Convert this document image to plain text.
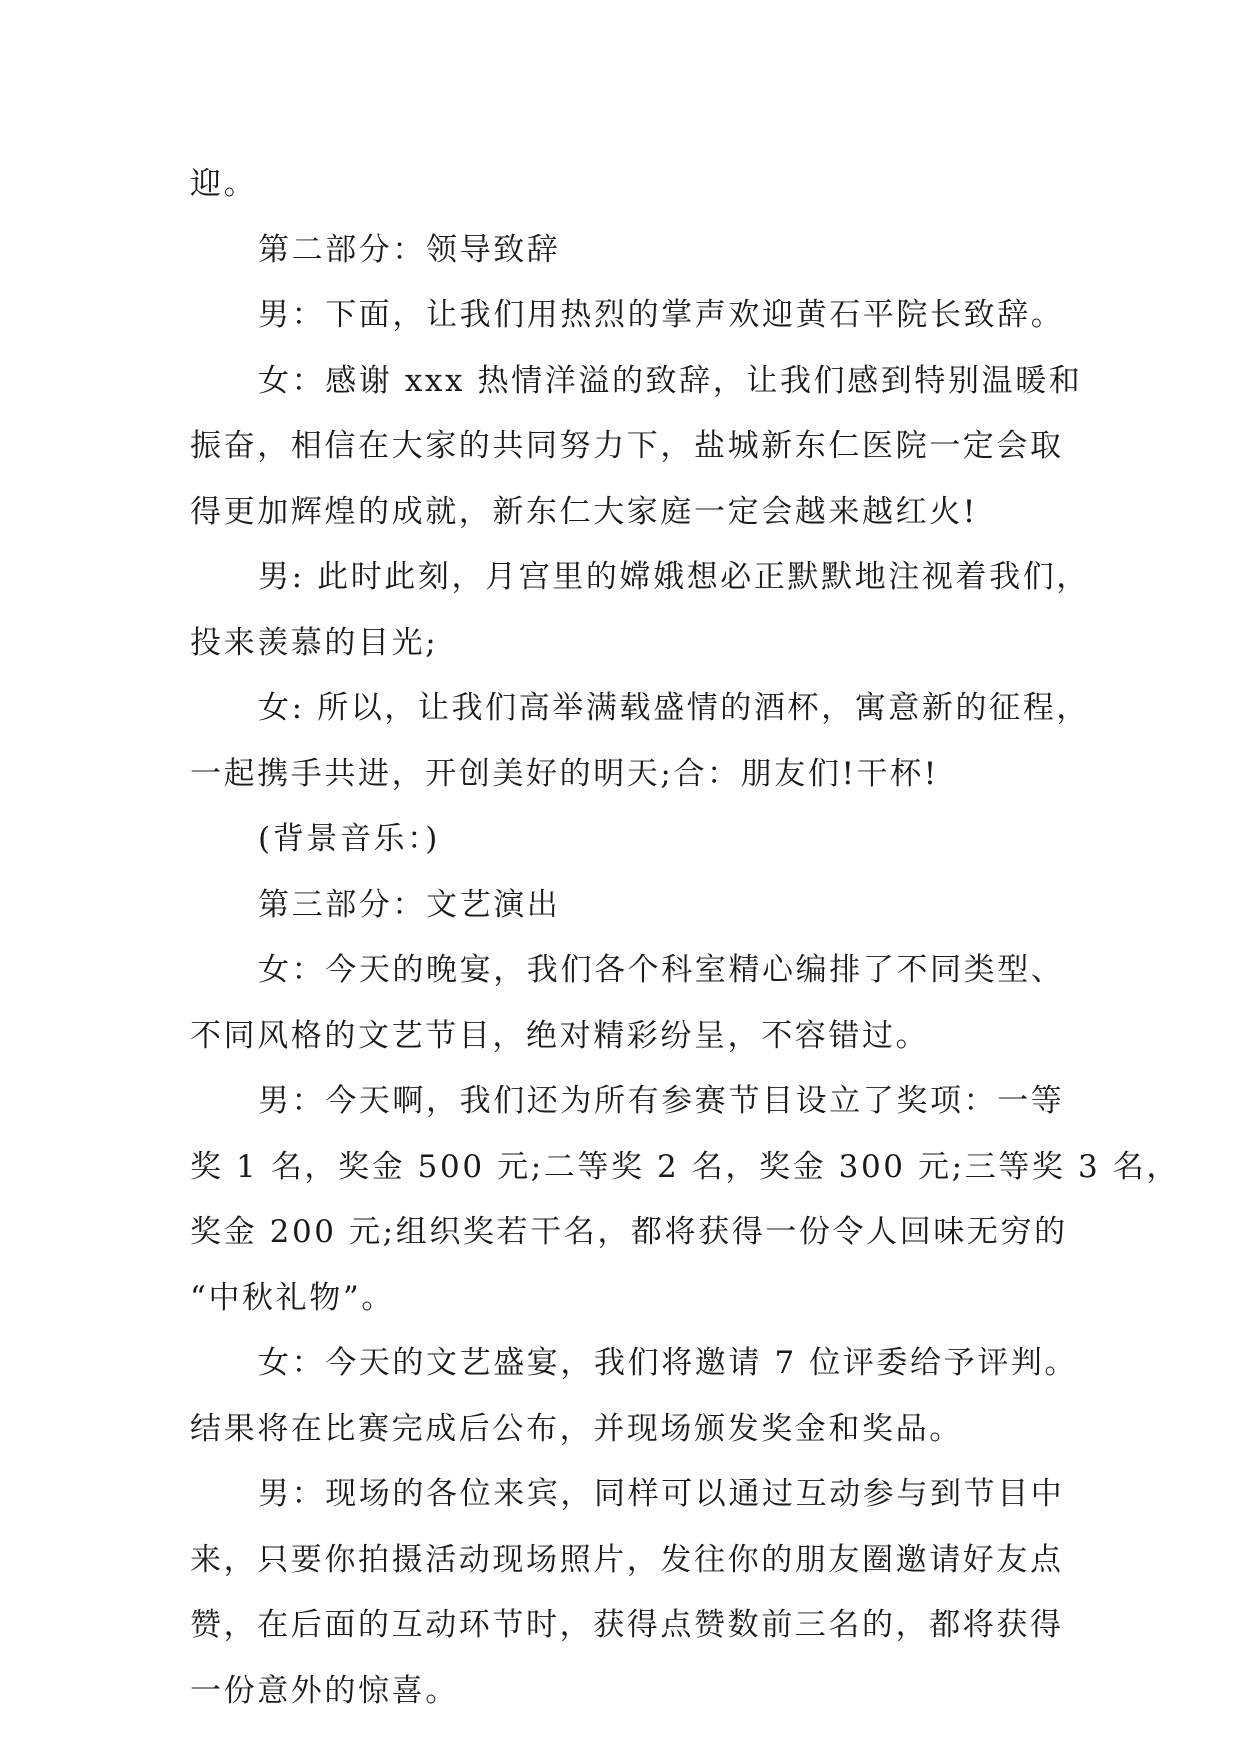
迎。

第二部分：领导致辞

男：下面，让我们用热烈的掌声欢迎黄石平院长致辞。

女：感谢 xxx 热情洋溢的致辞，让我们感到特别温暖和

振奋，相信在大家的共同努力下，盐城新东仁医院一定会取

得更加辉煌的成就，新东仁大家庭一定会越来越红火!

男: 此时此刻，月宫里的嫦娥想必正默默地注视着我们，

投来羡慕的目光;

女: 所以，让我们高举满载盛情的酒杯，寓意新的征程，

一起携手共进，开创美好的明天;合：朋友们!干杯!

(背景音乐：)

第三部分：文艺演出

女：今天的晚宴，我们各个科室精心编排了不同类型、

不同风格的文艺节目，绝对精彩纷呈，不容错过。

男：今天啊，我们还为所有参赛节目设立了奖项：一等

奖 1 名，奖金 500 元;二等奖 2 名，奖金 300 元;三等奖 3 名，

奖金 200 元;组织奖若干名，都将获得一份令人回味无穷的

“中秋礼物”。

女：今天的文艺盛宴，我们将邀请 7 位评委给予评判。

结果将在比赛完成后公布，并现场颁发奖金和奖品。

男：现场的各位来宾，同样可以通过互动参与到节目中

来，只要你拍摄活动现场照片，发往你的朋友圈邀请好友点

赞，在后面的互动环节时，获得点赞数前三名的，都将获得

一份意外的惊喜。
